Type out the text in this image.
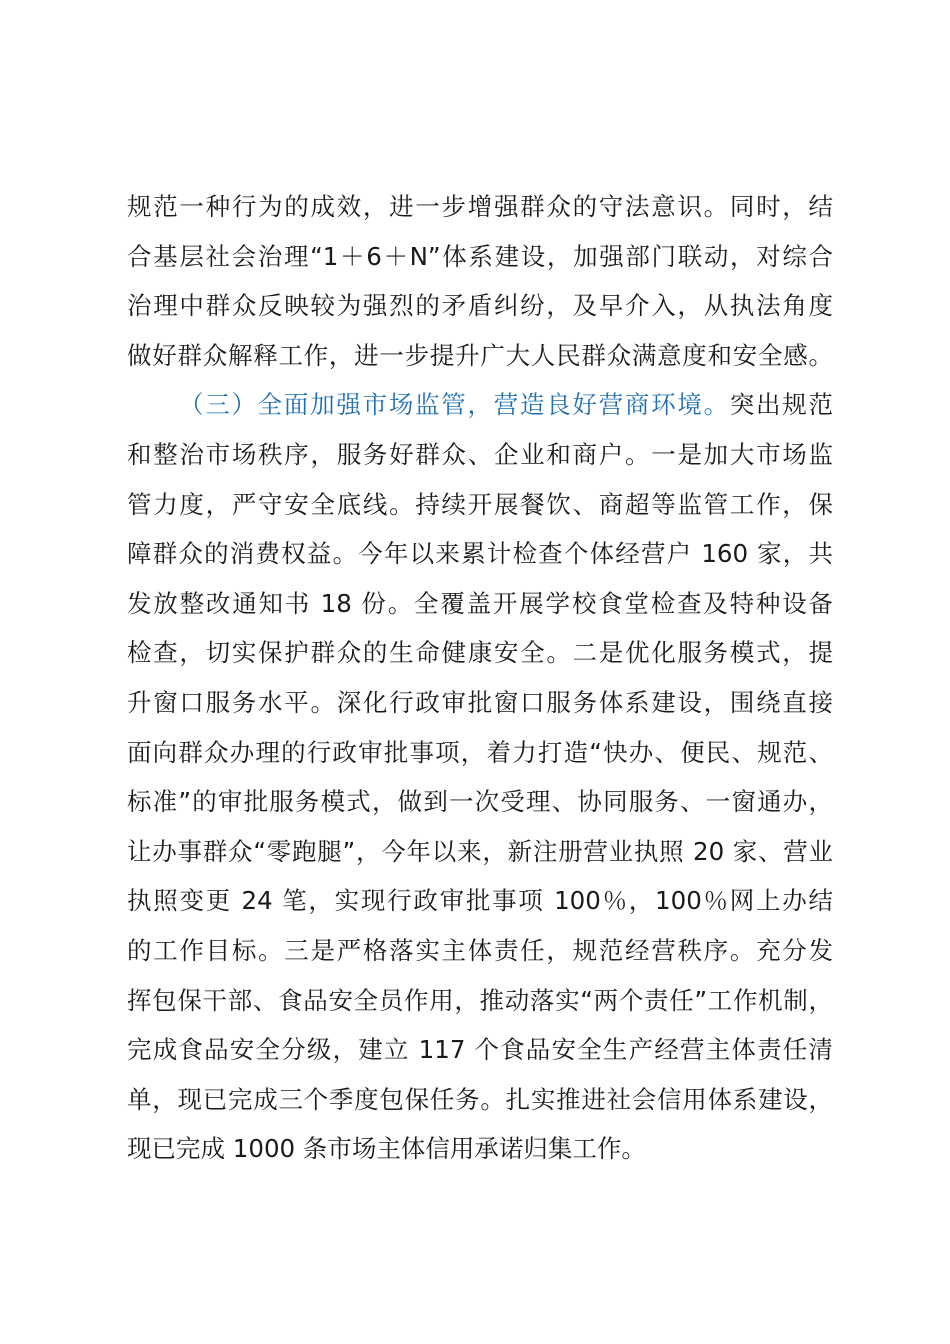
规范一种行为的成效，进一步增强群众的守法意识。同时，结
合基层社会治理“1＋6＋N”体系建设，加强部门联动，对综合
治理中群众反映较为强烈的矛盾纠纷，及早介入，从执法角度
做好群众解释工作，进一步提升广大人民群众满意度和安全感。
（三）全面加强市场监管，营造良好营商环境。突出规范
和整治市场秩序，服务好群众、企业和商户。一是加大市场监
管力度，严守安全底线。持续开展餐饮、商超等监管工作，保
障群众的消费权益。今年以来累计检查个体经营户 160 家，共
发放整改通知书 18 份。全覆盖开展学校食堂检查及特种设备
检查，切实保护群众的生命健康安全。二是优化服务模式，提
升窗口服务水平。深化行政审批窗口服务体系建设，围绕直接
面向群众办理的行政审批事项，着力打造“快办、便民、规范、
标准”的审批服务模式，做到一次受理、协同服务、一窗通办，
让办事群众“零跑腿”，今年以来，新注册营业执照 20 家、营业
执照变更 24 笔，实现行政审批事项 100％，100％网上办结
的工作目标。三是严格落实主体责任，规范经营秩序。充分发
挥包保干部、食品安全员作用，推动落实“两个责任”工作机制，
完成食品安全分级，建立 117 个食品安全生产经营主体责任清
单，现已完成三个季度包保任务。扎实推进社会信用体系建设，
现已完成 1000 条市场主体信用承诺归集工作。
